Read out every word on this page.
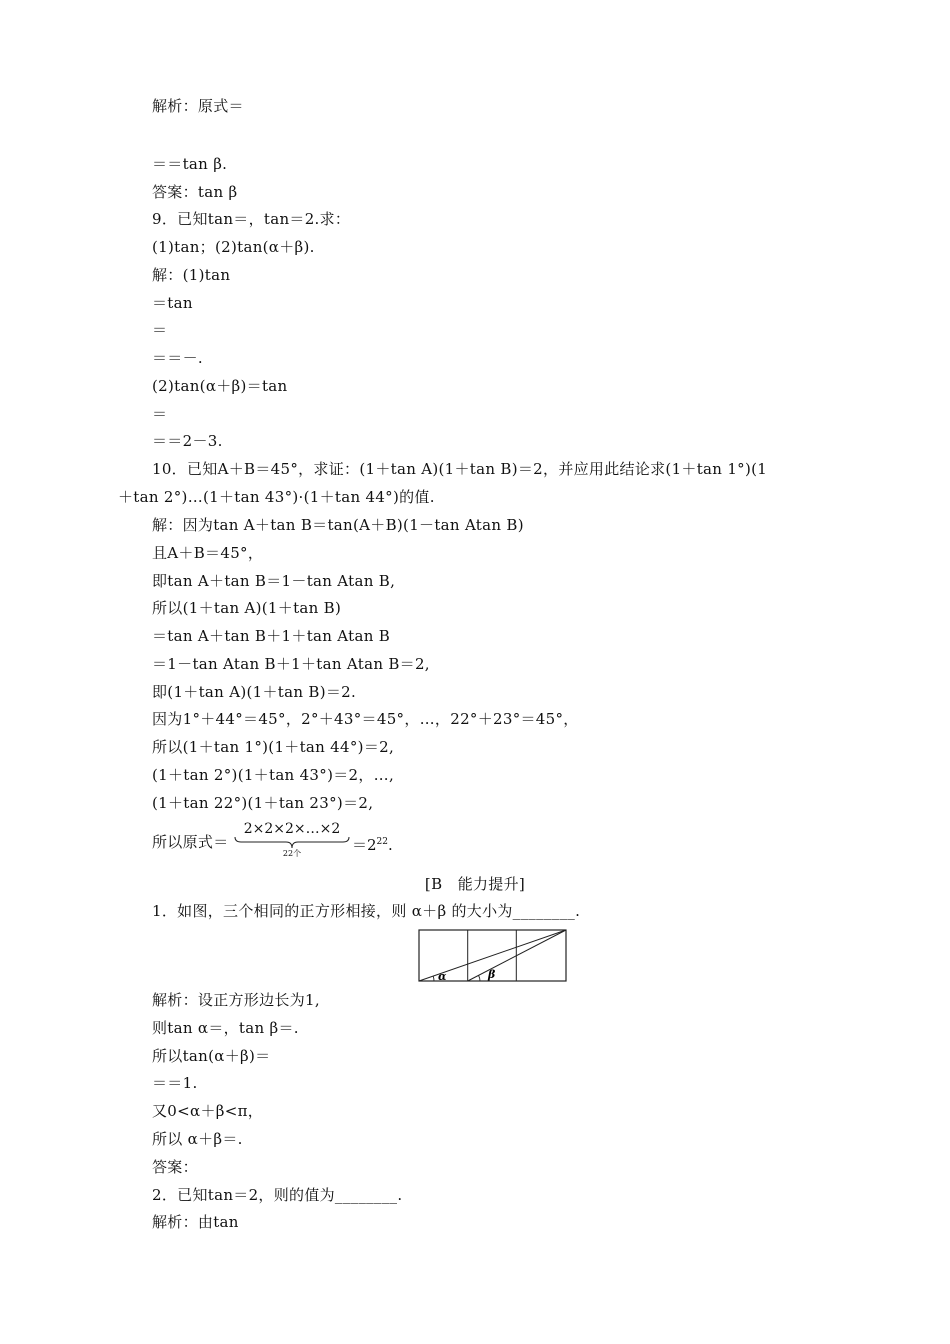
解析：原式＝
＝＝tan β.
答案：tan β
9．已知tan＝，tan＝2.求：
(1)tan；(2)tan(α＋β).
解：(1)tan
＝tan
＝
＝＝－.
(2)tan(α＋β)＝tan
＝
＝＝2－3.
10．已知A＋B＝45°，求证：(1＋tan A)(1＋tan B)＝2，并应用此结论求(1＋tan 1°)(1
＋tan 2°)…(1＋tan 43°)·(1＋tan 44°)的值.
解：因为tan A＋tan B＝tan(A＋B)(1－tan Atan B)
且A＋B＝45°，
即tan A＋tan B＝1－tan Atan B,
所以(1＋tan A)(1＋tan B)
＝tan A＋tan B＋1＋tan Atan B
＝1－tan Atan B＋1＋tan Atan B＝2,
即(1＋tan A)(1＋tan B)＝2.
因为1°＋44°＝45°，2°＋43°＝45°，…，22°＋23°＝45°，
所以(1＋tan 1°)(1＋tan 44°)＝2,
(1＋tan 2°)(1＋tan 43°)＝2，…,
(1＋tan 22°)(1＋tan 23°)＝2,
所以原式＝
2×2×2×…×2
22个	$=2^{22}$.
[B　能力提升]
1．如图，三个相同的正方形相接，则 α＋β 的大小为________.
α	β
解析：设正方形边长为1,
则tan α＝，tan β＝.
所以tan(α＋β)＝
＝＝1.
又0<α＋β<π，
所以 α＋β＝.
答案：
2．已知tan＝2，则的值为________.
解析：由tan
